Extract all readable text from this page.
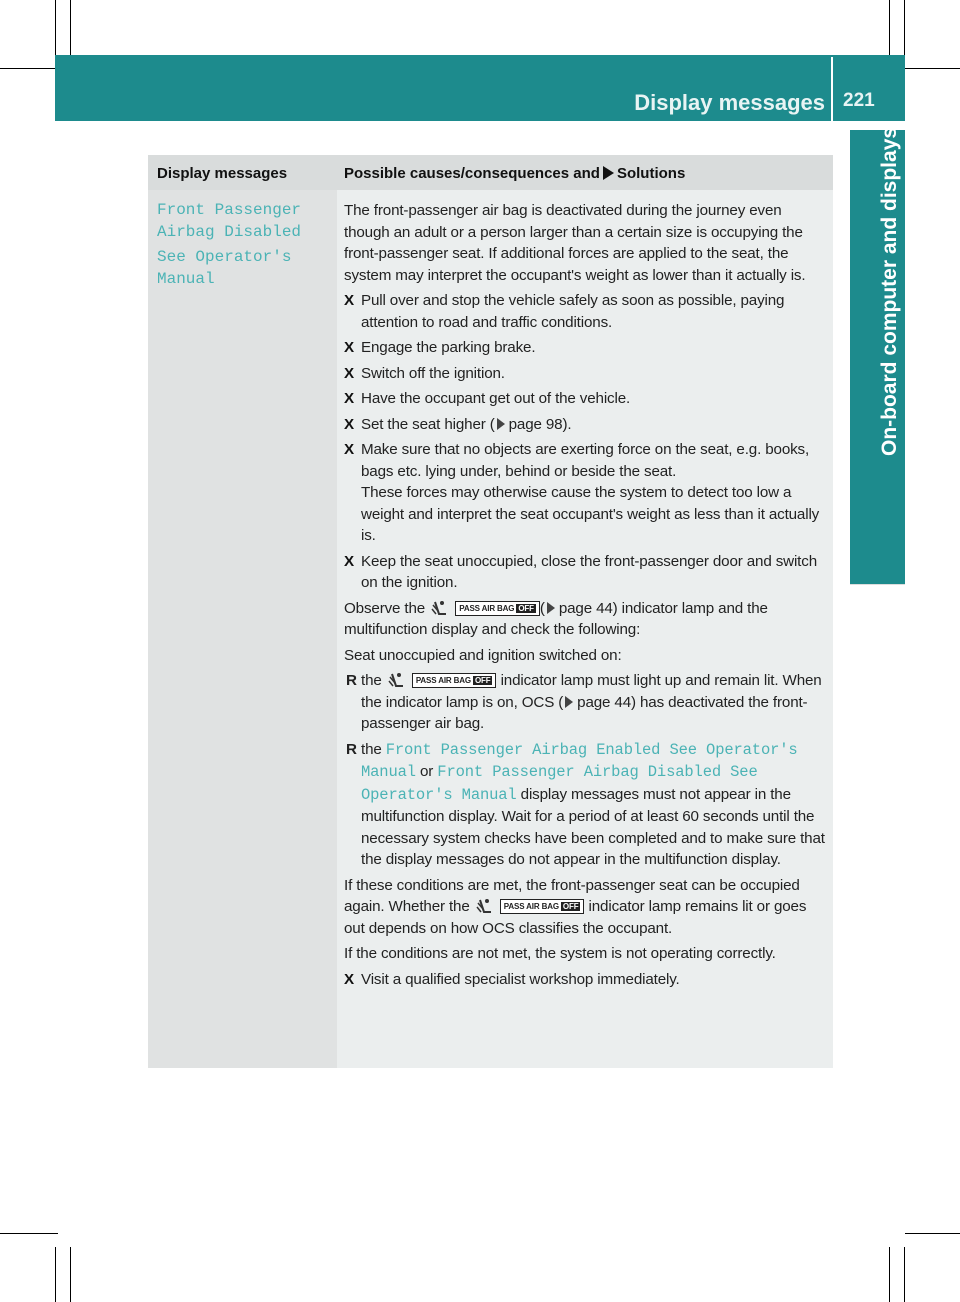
Display messages 221
On-board computer and displays
Display messages	Possible causes/consequences and Solutions
Front Passenger Airbag Disabled
See Operator's Manual

The front-passenger air bag is deactivated during the journey even though an adult or a person larger than a certain size is occupying the front-passenger seat. If additional forces are applied to the seat, the system may interpret the occupant's weight as lower than it actually is.

X Pull over and stop the vehicle safely as soon as possible, paying attention to road and traffic conditions.
X Engage the parking brake.
X Switch off the ignition.
X Have the occupant get out of the vehicle.
X Set the seat higher ( page 98).
X Make sure that no objects are exerting force on the seat, e.g. books, bags etc. lying under, behind or beside the seat.
These forces may otherwise cause the system to detect too low a weight and interpret the seat occupant's weight as less than it actually is.
X Keep the seat unoccupied, close the front-passenger door and switch on the ignition.

Observe the	PASS AIR BAG OFF ( page 44) indicator lamp and the multifunction display and check the following:

Seat unoccupied and ignition switched on:

R the	PASS AIR BAG OFF indicator lamp must light up and remain lit. When the indicator lamp is on, OCS ( page 44) has deactivated the front-passenger air bag.
R the Front Passenger Airbag Enabled See Operator's Manual or Front Passenger Airbag Disabled See Operator's Manual display messages must not appear in the multifunction display. Wait for a period of at least 60 seconds until the necessary system checks have been completed and to make sure that the display messages do not appear in the multifunction display.

If these conditions are met, the front-passenger seat can be occupied again. Whether the	PASS AIR BAG OFF indicator lamp remains lit or goes out depends on how OCS classifies the occupant.

If the conditions are not met, the system is not operating correctly.

X Visit a qualified specialist workshop immediately.
